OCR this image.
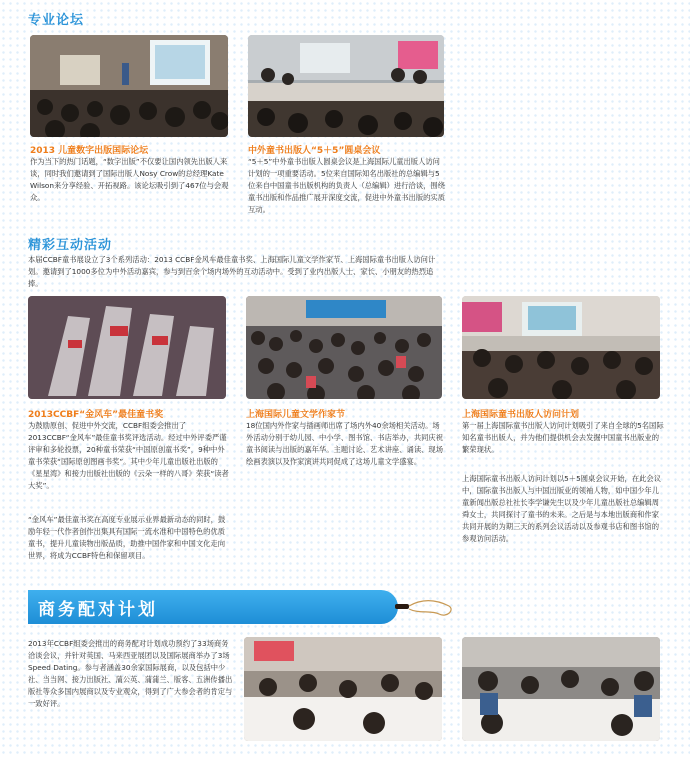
专业论坛
2013 儿童数字出版国际论坛
作为当下的热门话题，“数字出版”不仅要让国内领先出版人来谈，同时我们邀请到了国际出版人Nosy Crow的总经理Kate Wilson来分享经验、开拓视路。该论坛吸引到了467位与会观众。
中外童书出版人“5＋5”圆桌会议
“5＋5”中外童书出版人圆桌会议是上海国际儿童出版人访问计划的一项重要活动。5位来自国际知名出版社的总编辑与5位来自中国童书出版机构的负责人（总编辑）进行洽谈，围绕童书出版和作品推广展开深度交流，促进中外童书出版的实质互动。
精彩互动活动
本届CCBF童书展设立了3个系列活动：2013 CCBF金风车最佳童书奖、上海国际儿童文学作家节、上海国际童书出版人访问计划。邀请到了1000多位为中外活动嘉宾，参与到百余个场内场外的互动活动中。受到了业内出版人士、家长、小朋友的热烈追捧。
2013CCBF“金风车”最佳童书奖
为鼓励原创、促进中外交流，CCBF组委会推出了2013CCBF“金风车”最佳童书奖评选活动。经过中外评委严谨评审和多轮投票，20种童书荣获“中国原创童书奖”，9种中外童书荣获“国际原创图画书奖”。其中少年儿童出版社出版的《星星湾》和接力出版社出版的《云朵一样的八哥》荣获“读者大奖”。
“金风车”最佳童书奖在高度专业展示业界最新动态的同时，鼓励年轻一代作者创作出集具有国际一流水准和中国特色的优质童书，提升儿童读物出版品质，助推中国作家和中国文化走向世界，将成为CCBF特色和保留项目。
上海国际儿童文学作家节
18位国内外作家与插画师出席了场内外40余场相关活动。场外活动分别于幼儿园、中小学、图书馆、书店举办，共同庆祝童书阅读与出版的嘉年华。主题讨论、艺术讲座、诵读、现场绘画表演以及作家演讲共同促成了这场儿童文学盛宴。
上海国际童书出版人访问计划
第一届上海国际童书出版人访问计划吸引了来自全球的5名国际知名童书出版人，并为他们提供机会去发掘中国童书出版业的繁荣现状。
上海国际童书出版人访问计划以5＋5圆桌会议开始，在此会议中，国际童书出版人与中国出版业的领袖人物，如中国少年儿童新闻出版总社社长李学谦先生以及少年儿童出版社总编辑周舜女士，共同探讨了童书的未来。之后是与本地出版商和作家共同开展的为期三天的系列会议活动以及参观书店和图书馆的参观访问活动。
商务配对计划
2013年CCBF组委会推出的商务配对计划成功预约了33场商务洽谈会议，并针对英国、马来西亚展团以及国际展商举办了3场Speed Dating。参与者涵盖30余家国际展商，以及包括中少社、当当网、接力出版社、蒲公英、蒲蒲兰、版客、五洲传播出版社等众多国内展商以及专业观众，得到了广大参会者的肯定与一致好评。
